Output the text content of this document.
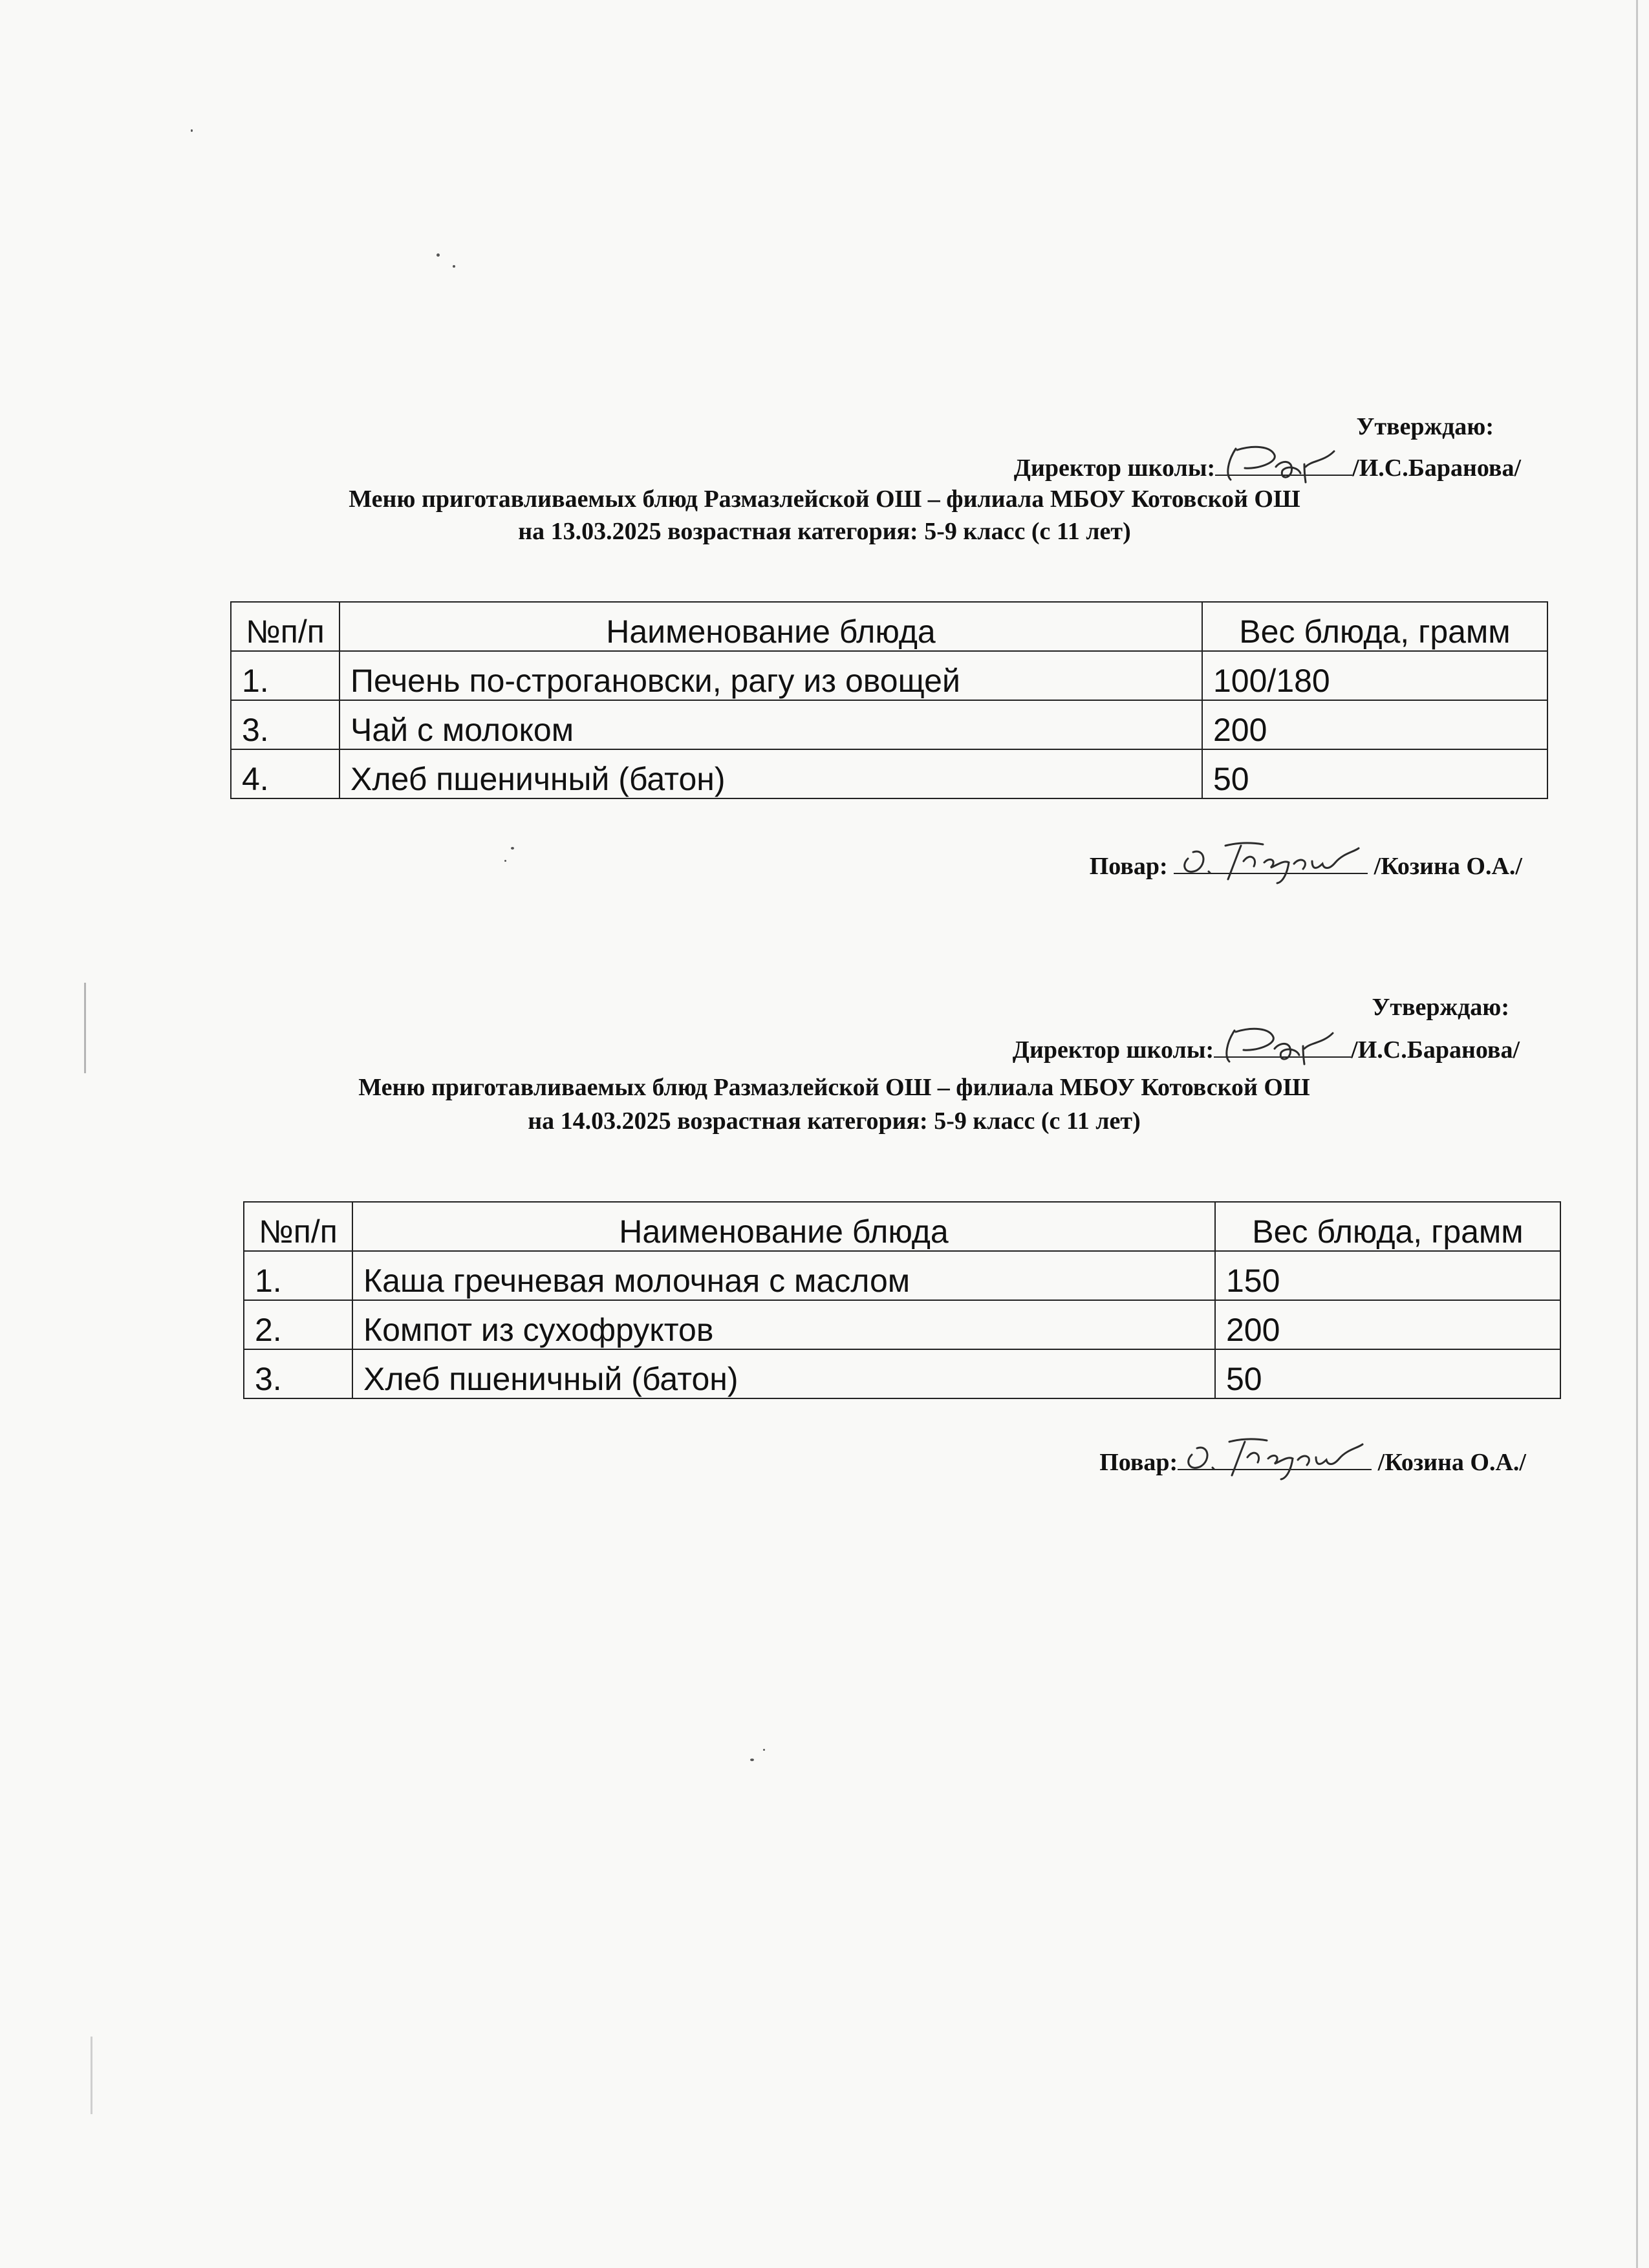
Утверждаю:
Директор школы:	/И.С.Баранова/
Меню приготавливаемых блюд Размазлейской ОШ – филиала МБОУ Котовской ОШ
на 13.03.2025 возрастная категория: 5-9 класс (с 11 лет)
№п/п	Наименование блюда	Вес блюда, грамм
1.	Печень по-строгановски, рагу из овощей	100/180
3.	Чай с молоком	200
4.	Хлеб пшеничный (батон)	50
Повар:	/Козина О.А./
Утверждаю:
Директор школы:	/И.С.Баранова/
Меню приготавливаемых блюд Размазлейской ОШ – филиала МБОУ Котовской ОШ
на 14.03.2025 возрастная категория: 5-9 класс (с 11 лет)
№п/п	Наименование блюда	Вес блюда, грамм
1.	Каша гречневая молочная с маслом	150
2.	Компот из сухофруктов	200
3.	Хлеб пшеничный (батон)	50
Повар:	/Козина О.А./
